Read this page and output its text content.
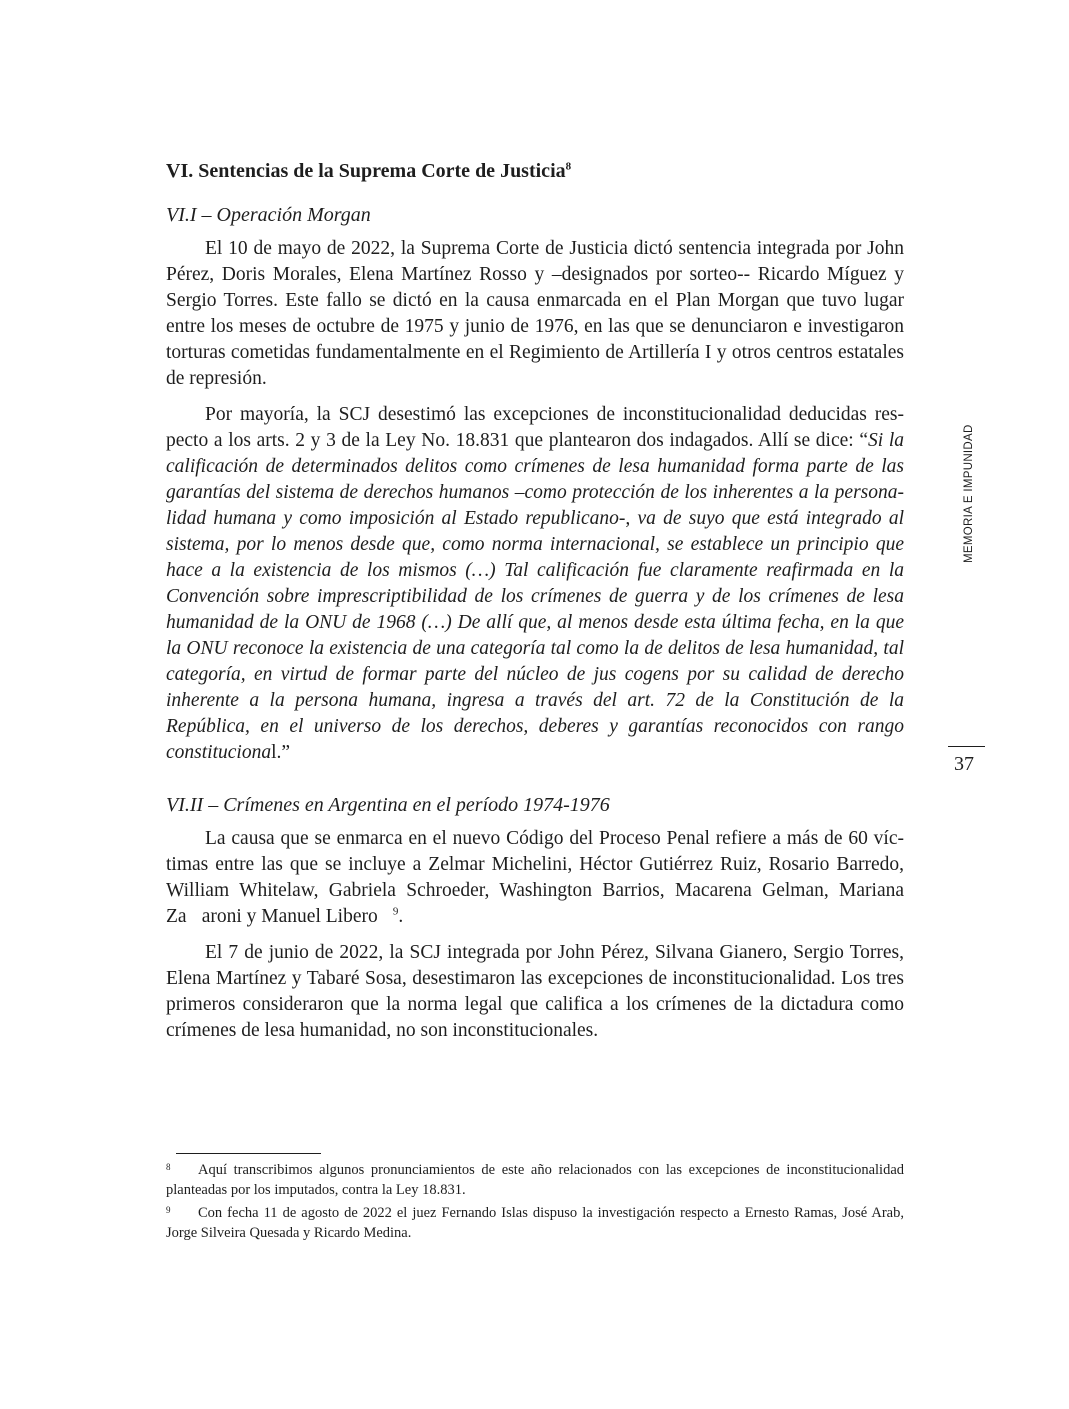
VI. Sentencias de la Suprema Corte de Justicia$^8$
VI.I – Operación Morgan

El 10 de mayo de 2022, la Suprema Corte de Justicia dictó sentencia integrada por John Pérez, Doris Morales, Elena Martínez Rosso y –designados por sorteo-- Ricardo Míguez y Sergio Torres. Este fallo se dictó en la causa enmarcada en el Plan Morgan que tuvo lugar entre los meses de octubre de 1975 y junio de 1976, en las que se denunciaron e investigaron torturas cometidas fundamentalmente en el Regimiento de Artillería I y otros centros estatales de represión.

Por mayoría, la SCJ desestimó las excepciones de inconstitucionalidad deducidas respecto a los arts. 2 y 3 de la Ley No. 18.831 que plantearon dos indagados. Allí se dice: “Si la calificación de determinados delitos como crímenes de lesa humanidad forma parte de las garantías del sistema de derechos humanos –como protección de los inherentes a la personalidad humana y como imposición al Estado republicano-, va de suyo que está integrado al sistema, por lo menos desde que, como norma internacional, se establece un principio que hace a la existencia de los mismos (…) Tal calificación fue claramente reafirmada en la Convención sobre imprescriptibilidad de los crímenes de guerra y de los crímenes de lesa humanidad de la ONU de 1968 (…) De allí que, al menos desde esta última fecha, en la que la ONU reconoce la existencia de una categoría tal como la de delitos de lesa humanidad, tal categoría, en virtud de formar parte del núcleo de jus cogens por su calidad de derecho inherente a la persona humana, ingresa a través del art. 72 de la Constitución de la República, en el universo de los derechos, deberes y garantías reconocidos con rango constitucional.”

VI.II – Crímenes en Argentina en el período 1974-1976

La causa que se enmarca en el nuevo Código del Proceso Penal refiere a más de 60 víctimas entre las que se incluye a Zelmar Michelini, Héctor Gutiérrez Ruiz, Rosario Barredo, William Whitelaw, Gabriela Schroeder, Washington Barrios, Macarena Gelman, Mariana Za aroni y Manuel Libero $^9$.

El 7 de junio de 2022, la SCJ integrada por John Pérez, Silvana Gianero, Sergio Torres, Elena Martínez y Tabaré Sosa, desestimaron las excepciones de inconstitucionalidad. Los tres primeros consideraron que la norma legal que califica a los crímenes de la dictadura como crímenes de lesa humanidad, no son inconstitucionales.

MEMORIA E IMPUNIDAD
37

8 Aquí transcribimos algunos pronunciamientos de este año relacionados con las excepciones de inconstitucionalidad planteadas por los imputados, contra la Ley 18.831.

9 Con fecha 11 de agosto de 2022 el juez Fernando Islas dispuso la investigación respecto a Ernesto Ramas, José Arab, Jorge Silveira Quesada y Ricardo Medina.
